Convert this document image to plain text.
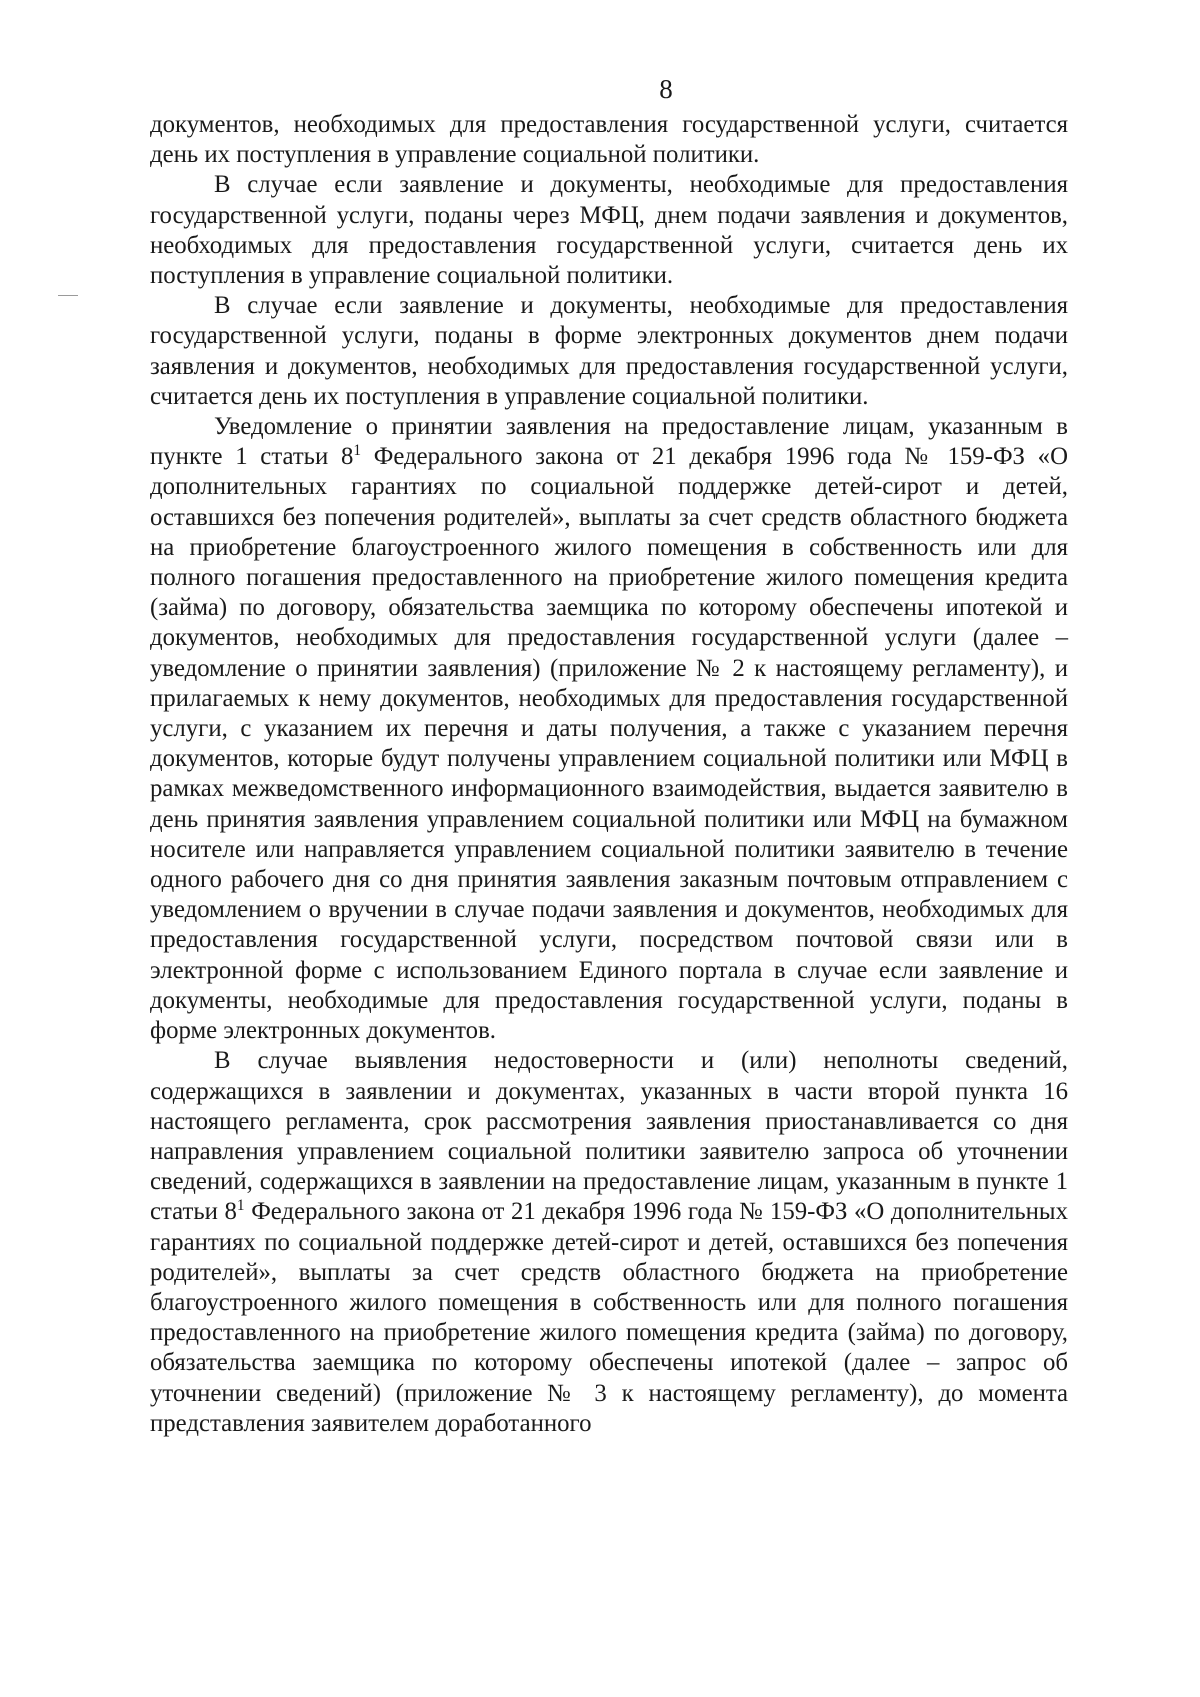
8

документов, необходимых для предоставления государственной услуги, считается день их поступления в управление социальной политики.

В случае если заявление и документы, необходимые для предоставления государственной услуги, поданы через МФЦ, днем подачи заявления и документов, необходимых для предоставления государственной услуги, считается день их поступления в управление социальной политики.

В случае если заявление и документы, необходимые для предоставления государственной услуги, поданы в форме электронных документов днем подачи заявления и документов, необходимых для предоставления государственной услуги, считается день их поступления в управление социальной политики.

Уведомление о принятии заявления на предоставление лицам, указанным в пункте 1 статьи $8^1$ Федерального закона от 21 декабря 1996 года № 159-ФЗ «О дополнительных гарантиях по социальной поддержке детей-сирот и детей, оставшихся без попечения родителей», выплаты за счет средств областного бюджета на приобретение благоустроенного жилого помещения в собственность или для полного погашения предоставленного на приобретение жилого помещения кредита (займа) по договору, обязательства заемщика по которому обеспечены ипотекой и документов, необходимых для предоставления государственной услуги (далее – уведомление о принятии заявления) (приложение № 2 к настоящему регламенту), и прилагаемых к нему документов, необходимых для предоставления государственной услуги, с указанием их перечня и даты получения, а также с указанием перечня документов, которые будут получены управлением социальной политики или МФЦ в рамках межведомственного информационного взаимодействия, выдается заявителю в день принятия заявления управлением социальной политики или МФЦ на бумажном носителе или направляется управлением социальной политики заявителю в течение одного рабочего дня со дня принятия заявления заказным почтовым отправлением с уведомлением о вручении в случае подачи заявления и документов, необходимых для предоставления государственной услуги, посредством почтовой связи или в электронной форме с использованием Единого портала в случае если заявление и документы, необходимые для предоставления государственной услуги, поданы в форме электронных документов.

В случае выявления недостоверности и (или) неполноты сведений, содержащихся в заявлении и документах, указанных в части второй пункта 16 настоящего регламента, срок рассмотрения заявления приостанавливается со дня направления управлением социальной политики заявителю запроса об уточнении сведений, содержащихся в заявлении на предоставление лицам, указанным в пункте 1 статьи $8^1$ Федерального закона от 21 декабря 1996 года № 159-ФЗ «О дополнительных гарантиях по социальной поддержке детей-сирот и детей, оставшихся без попечения родителей», выплаты за счет средств областного бюджета на приобретение благоустроенного жилого помещения в собственность или для полного погашения предоставленного на приобретение жилого помещения кредита (займа) по договору, обязательства заемщика по которому обеспечены ипотекой (далее – запрос об уточнении сведений) (приложение № 3 к настоящему регламенту), до момента представления заявителем доработанного
